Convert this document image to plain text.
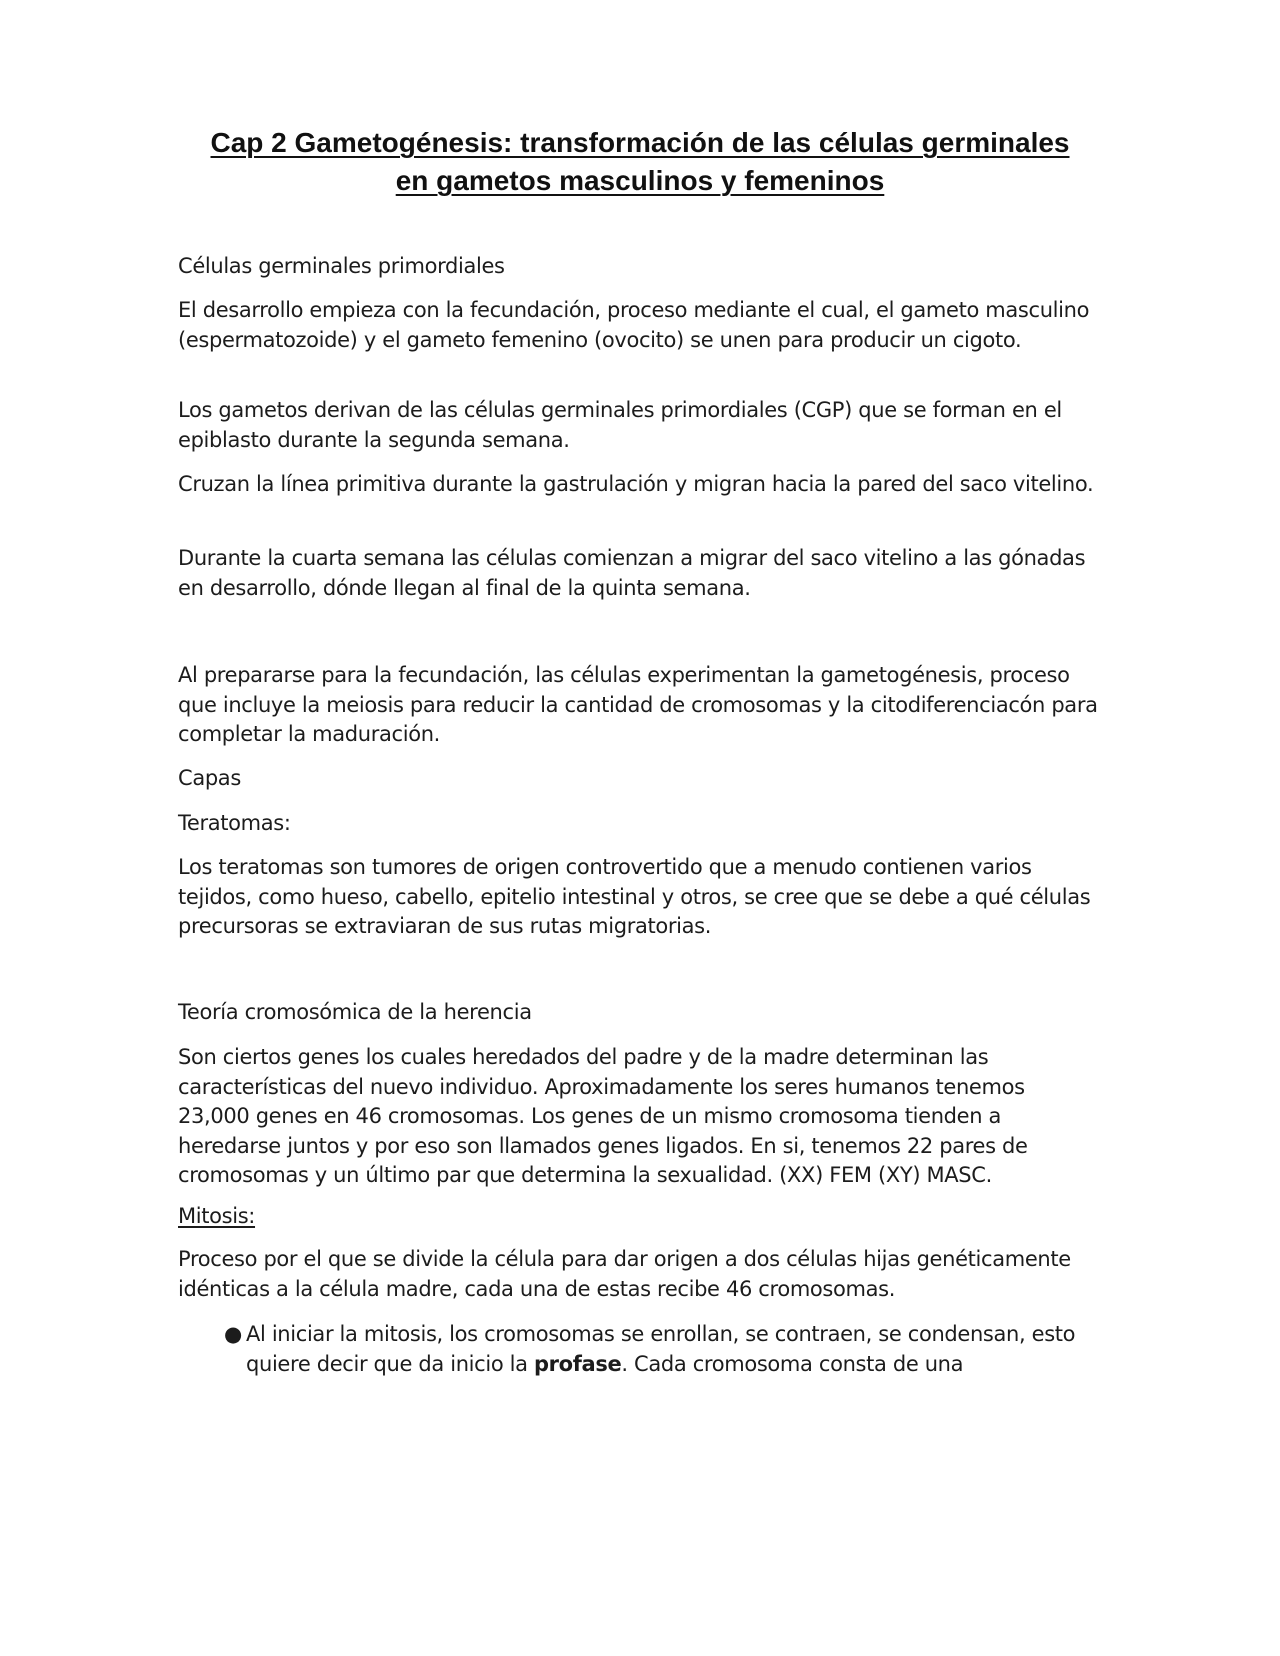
Cap 2 Gametogénesis: transformación de las células germinales
en gametos masculinos y femeninos

Células germinales primordiales

El desarrollo empieza con la fecundación, proceso mediante el cual, el gameto masculino (espermatozoide) y el gameto femenino (ovocito) se unen para producir un cigoto.

Los gametos derivan de las células germinales primordiales (CGP) que se forman en el epiblasto durante la segunda semana.

Cruzan la línea primitiva durante la gastrulación y migran hacia la pared del saco vitelino.

Durante la cuarta semana las células comienzan a migrar del saco vitelino a las gónadas en desarrollo, dónde llegan al final de la quinta semana.

Al prepararse para la fecundación, las células experimentan la gametogénesis, proceso que incluye la meiosis para reducir la cantidad de cromosomas y la citodiferenciacón para completar la maduración.

Capas

Teratomas:

Los teratomas son tumores de origen controvertido que a menudo contienen varios tejidos, como hueso, cabello, epitelio intestinal y otros, se cree que se debe a qué células precursoras se extraviaran de sus rutas migratorias.

Teoría cromosómica de la herencia

Son ciertos genes los cuales heredados del padre y de la madre determinan las características del nuevo individuo. Aproximadamente los seres humanos tenemos 23,000 genes en 46 cromosomas. Los genes de un mismo cromosoma tienden a heredarse juntos y por eso son llamados genes ligados. En si, tenemos 22 pares de cromosomas y un último par que determina la sexualidad. (XX) FEM (XY) MASC.

Mitosis:

Proceso por el que se divide la célula para dar origen a dos células hijas genéticamente idénticas a la célula madre, cada una de estas recibe 46 cromosomas.

● Al iniciar la mitosis, los cromosomas se enrollan, se contraen, se condensan, esto quiere decir que da inicio la profase. Cada cromosoma consta de una
